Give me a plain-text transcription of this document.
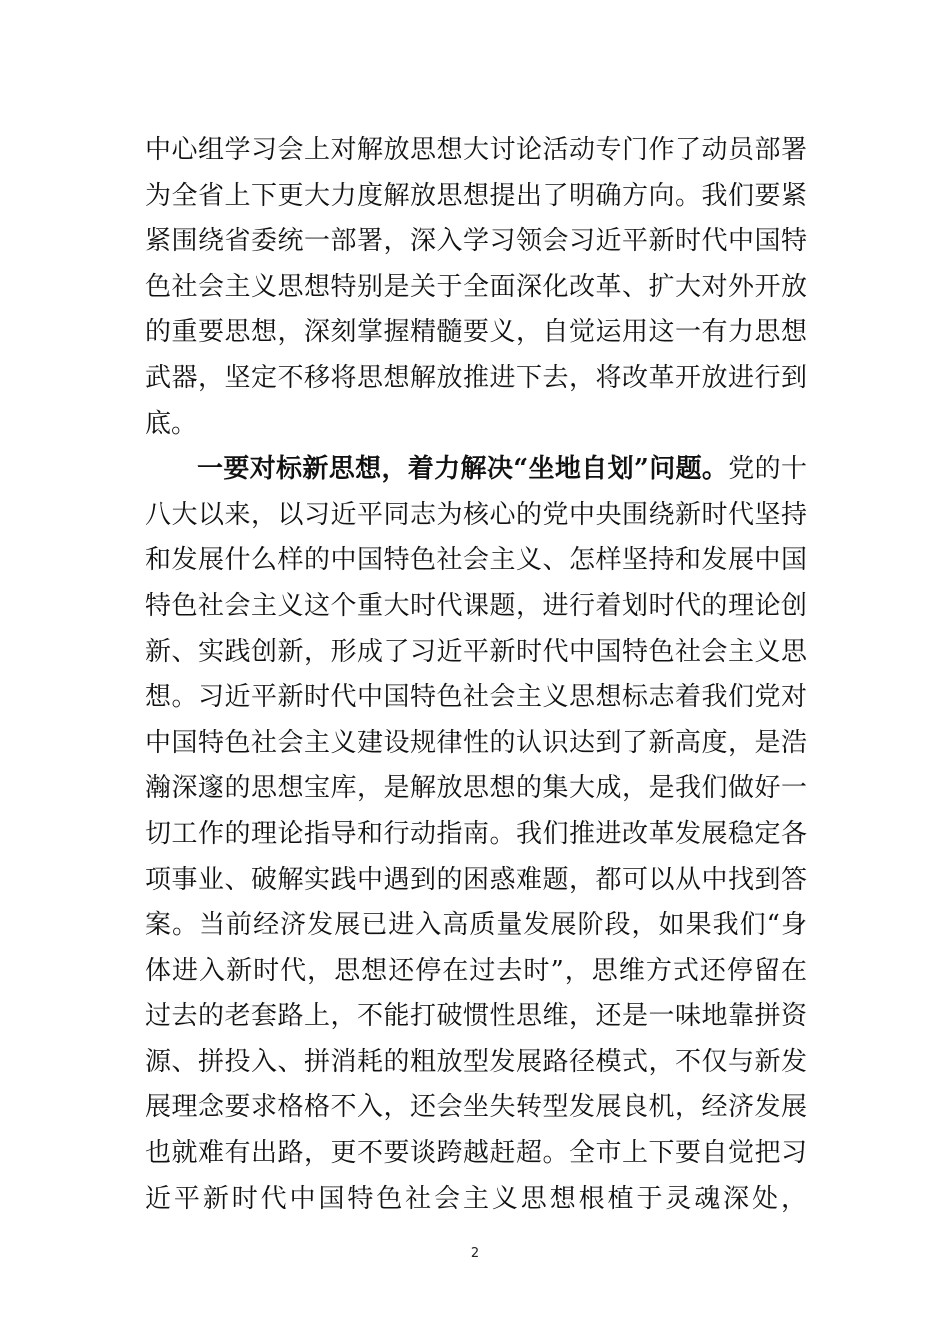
中心组学习会上对解放思想大讨论活动专门作了动员部署为全省上下更大力度解放思想提出了明确方向。我们要紧紧围绕省委统一部署，深入学习领会习近平新时代中国特色社会主义思想特别是关于全面深化改革、扩大对外开放的重要思想，深刻掌握精髓要义，自觉运用这一有力思想武器，坚定不移将思想解放推进下去，将改革开放进行到底。

一要对标新思想，着力解决“坐地自划”问题。党的十八大以来，以习近平同志为核心的党中央围绕新时代坚持和发展什么样的中国特色社会主义、怎样坚持和发展中国特色社会主义这个重大时代课题，进行着划时代的理论创新、实践创新，形成了习近平新时代中国特色社会主义思想。习近平新时代中国特色社会主义思想标志着我们党对中国特色社会主义建设规律性的认识达到了新高度，是浩瀚深邃的思想宝库，是解放思想的集大成，是我们做好一切工作的理论指导和行动指南。我们推进改革发展稳定各项事业、破解实践中遇到的困惑难题，都可以从中找到答案。当前经济发展已进入高质量发展阶段，如果我们“身体进入新时代，思想还停在过去时”，思维方式还停留在过去的老套路上，不能打破惯性思维，还是一味地靠拼资源、拼投入、拼消耗的粗放型发展路径模式，不仅与新发展理念要求格格不入，还会坐失转型发展良机，经济发展也就难有出路，更不要谈跨越赶超。全市上下要自觉把习近平新时代中国特色社会主义思想根植于灵魂深处，

2
